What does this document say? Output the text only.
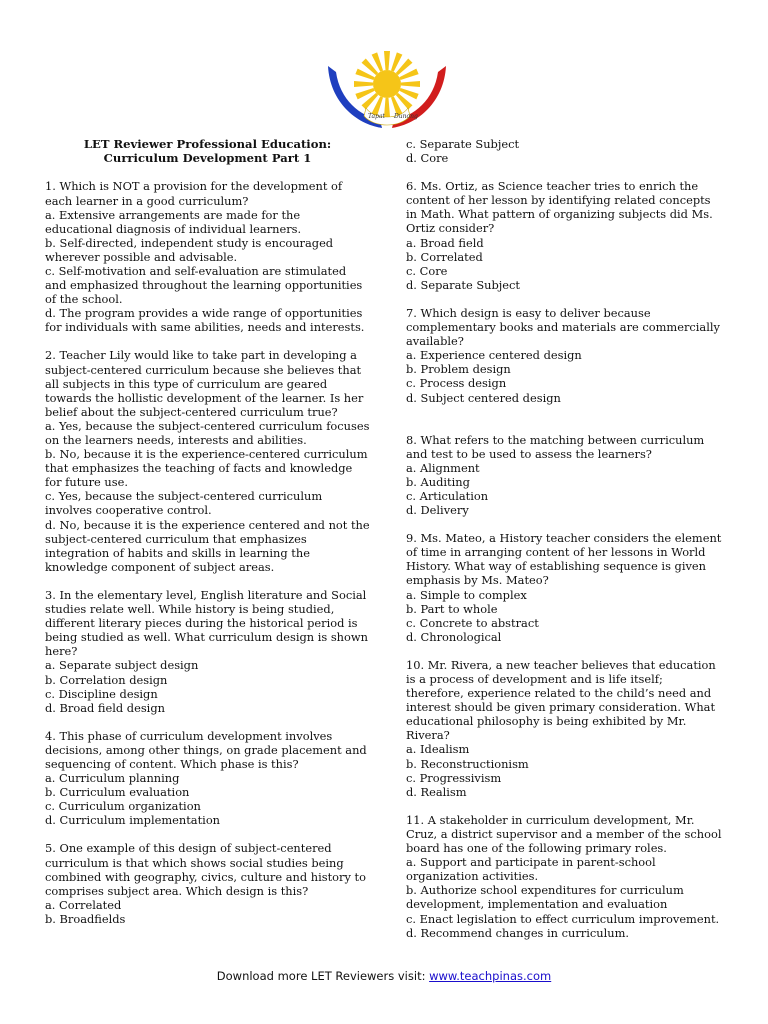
Tapat Dunong

LET Reviewer Professional Education: Curriculum Development Part 1

1. Which is NOT a provision for the development of each learner in a good curriculum?

a. Extensive arrangements are made for the educational diagnosis of individual learners.

b. Self-directed, independent study is encouraged wherever possible and advisable.

c. Self-motivation and self-evaluation are stimulated and emphasized throughout the learning opportunities of the school.

d. The program provides a wide range of opportunities for individuals with same abilities, needs and interests.

2. Teacher Lily would like to take part in developing a subject-centered curriculum because she believes that all subjects in this type of curriculum are geared towards the hollistic development of the learner. Is her belief about the subject-centered curriculum true?

a. Yes, because the subject-centered curriculum focuses on the learners needs, interests and abilities.

b. No, because it is the experience-centered curriculum that emphasizes the teaching of facts and knowledge for future use.

c. Yes, because the subject-centered curriculum involves cooperative control.

d. No, because it is the experience centered and not the subject-centered curriculum that emphasizes integration of habits and skills in learning the knowledge component of subject areas.

3. In the elementary level, English literature and Social studies relate well. While history is being studied, different literary pieces during the historical period is being studied as well. What curriculum design is shown here?

a. Separate subject design

b. Correlation design

c. Discipline design

d. Broad field design

4. This phase of curriculum development involves decisions, among other things, on grade placement and sequencing of content. Which phase is this?

a. Curriculum planning

b. Curriculum evaluation

c. Curriculum organization

d. Curriculum implementation

5. One example of this design of subject-centered curriculum is that which shows social studies being combined with geography, civics, culture and history to comprises subject area. Which design is this?

a. Correlated

b. Broadfields

c. Separate Subject

d. Core

6. Ms. Ortiz, as Science teacher tries to enrich the content of her lesson by identifying related concepts in Math. What pattern of organizing subjects did Ms. Ortiz consider?

a. Broad field

b. Correlated

c. Core

d. Separate Subject

7. Which design is easy to deliver because complementary books and materials are commercially available?

a. Experience centered design

b. Problem design

c. Process design

d. Subject centered design

8. What refers to the matching between curriculum and test to be used to assess the learners?

a. Alignment

b. Auditing

c. Articulation

d. Delivery

9. Ms. Mateo, a History teacher considers the element of time in arranging content of her lessons in World History. What way of establishing sequence is given emphasis by Ms. Mateo?

a. Simple to complex

b. Part to whole

c. Concrete to abstract

d. Chronological

10. Mr. Rivera, a new teacher believes that education is a process of development and is life itself; therefore, experience related to the child’s need and interest should be given primary consideration. What educational philosophy is being exhibited by Mr. Rivera?

a. Idealism

b. Reconstructionism

c. Progressivism

d. Realism

11. A stakeholder in curriculum development, Mr. Cruz, a district supervisor and a member of the school board has one of the following primary roles.

a. Support and participate in parent-school organization activities.

b. Authorize school expenditures for curriculum development, implementation and evaluation

c. Enact legislation to effect curriculum improvement.

d. Recommend changes in curriculum.

Download more LET Reviewers visit: www.teachpinas.com
